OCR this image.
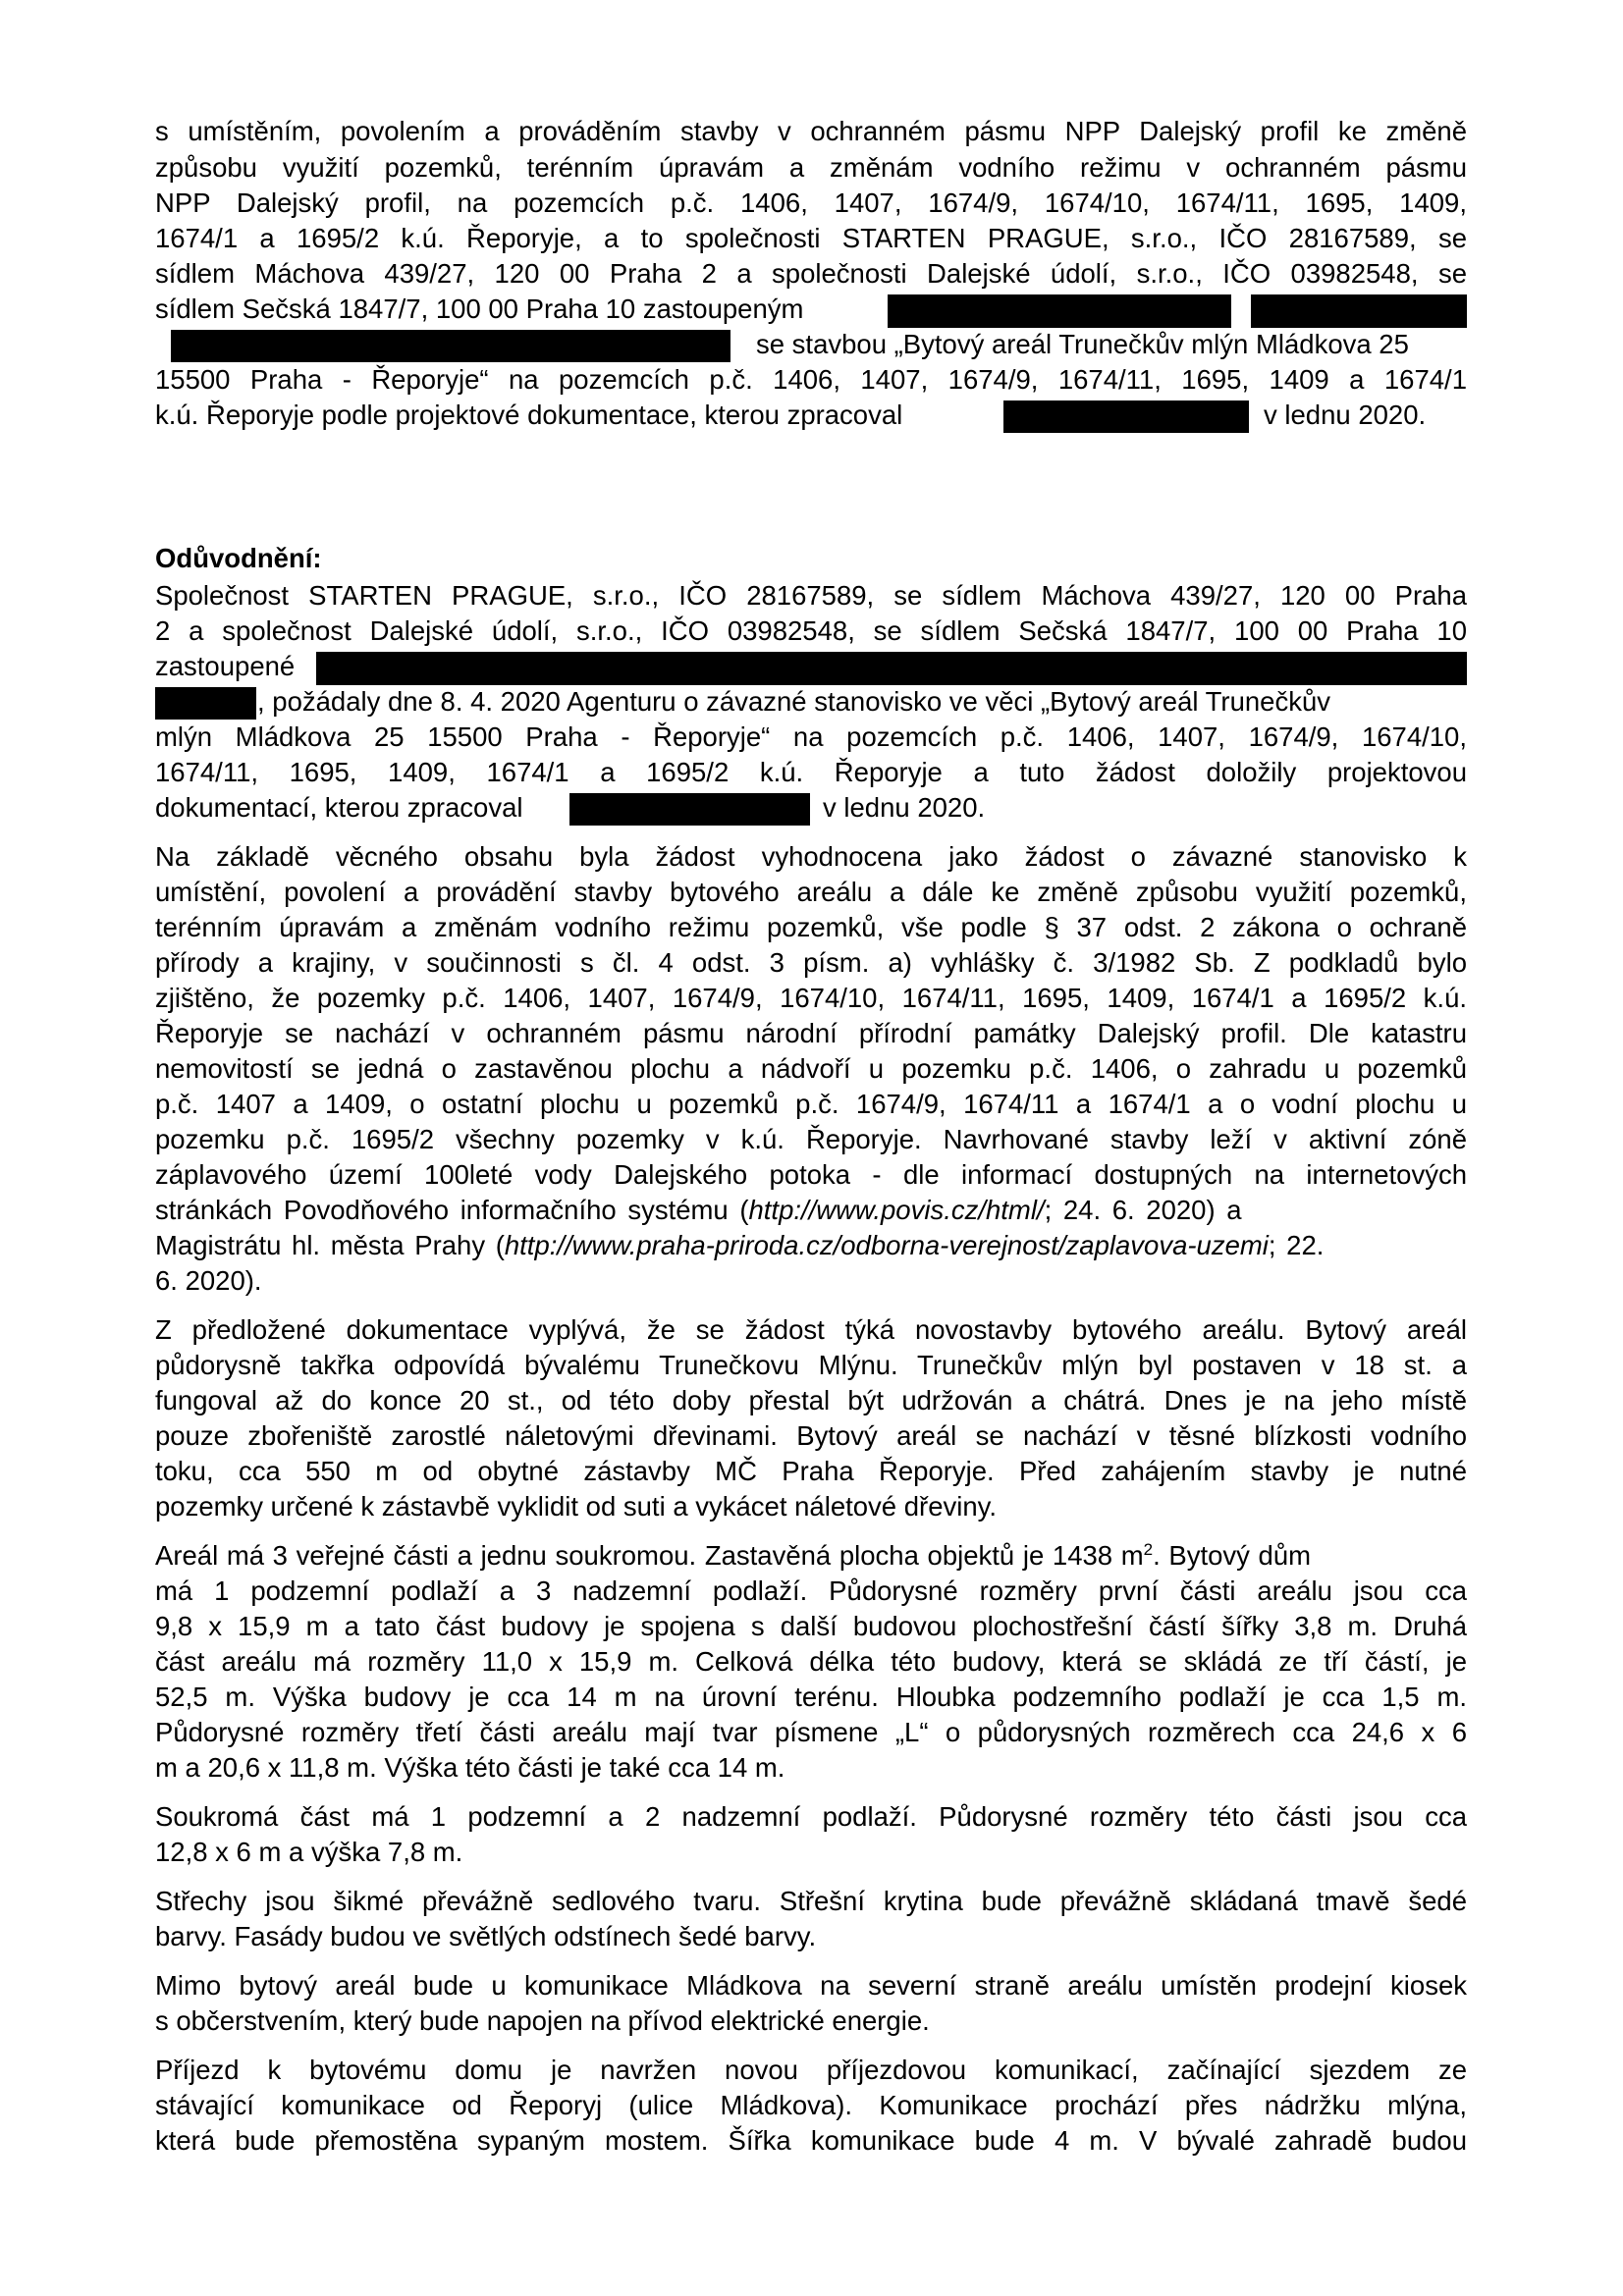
s umístěním, povolením a prováděním stavby v ochranném pásmu NPP Dalejský profil ke změně
způsobu využití pozemků, terénním úpravám a změnám vodního režimu v ochranném pásmu
NPP Dalejský profil, na pozemcích p.č. 1406, 1407, 1674/9, 1674/10, 1674/11, 1695, 1409,
1674/1 a 1695/2 k.ú. Řeporyje, a to společnosti STARTEN PRAGUE, s.r.o., IČO 28167589, se
sídlem Máchova 439/27, 120 00 Praha 2 a společnosti Dalejské údolí, s.r.o., IČO 03982548, se
sídlem Sečská 1847/7, 100 00 Praha 10 zastoupeným
se stavbou „Bytový areál Trunečkův mlýn Mládkova 25
15500 Praha - Řeporyje“ na pozemcích p.č. 1406, 1407, 1674/9, 1674/11, 1695, 1409 a 1674/1
k.ú. Řeporyje podle projektové dokumentace, kterou zpracoval	v lednu 2020.
Odůvodnění:
Společnost STARTEN PRAGUE, s.r.o., IČO 28167589, se sídlem Máchova 439/27, 120 00 Praha
2 a společnost Dalejské údolí, s.r.o., IČO 03982548, se sídlem Sečská 1847/7, 100 00 Praha 10
zastoupené
, požádaly dne 8. 4. 2020 Agenturu o závazné stanovisko ve věci „Bytový areál Trunečkův
mlýn Mládkova 25 15500 Praha - Řeporyje“ na pozemcích p.č. 1406, 1407, 1674/9, 1674/10,
1674/11, 1695, 1409, 1674/1 a 1695/2 k.ú. Řeporyje a tuto žádost doložily projektovou
dokumentací, kterou zpracoval	v lednu 2020.
Na základě věcného obsahu byla žádost vyhodnocena jako žádost o závazné stanovisko k
umístění, povolení a provádění stavby bytového areálu a dále ke změně způsobu využití pozemků,
terénním úpravám a změnám vodního režimu pozemků, vše podle § 37 odst. 2 zákona o ochraně
přírody a krajiny, v součinnosti s čl. 4 odst. 3 písm. a) vyhlášky č. 3/1982 Sb. Z podkladů bylo
zjištěno, že pozemky p.č. 1406, 1407, 1674/9, 1674/10, 1674/11, 1695, 1409, 1674/1 a 1695/2 k.ú.
Řeporyje se nachází v ochranném pásmu národní přírodní památky Dalejský profil. Dle katastru
nemovitostí se jedná o zastavěnou plochu a nádvoří u pozemku p.č. 1406, o zahradu u pozemků
p.č. 1407 a 1409, o ostatní plochu u pozemků p.č. 1674/9, 1674/11 a 1674/1 a o vodní plochu u
pozemku p.č. 1695/2 všechny pozemky v k.ú. Řeporyje. Navrhované stavby leží v aktivní zóně
záplavového území 100leté vody Dalejského potoka - dle informací dostupných na internetových
stránkách Povodňového informačního systému (http://www.povis.cz/html/; 24. 6. 2020) a
Magistrátu hl. města Prahy (http://www.praha-priroda.cz/odborna-verejnost/zaplavova-uzemi; 22.
6. 2020).
Z předložené dokumentace vyplývá, že se žádost týká novostavby bytového areálu. Bytový areál
půdorysně takřka odpovídá bývalému Trunečkovu Mlýnu. Trunečkův mlýn byl postaven v 18 st. a
fungoval až do konce 20 st., od této doby přestal být udržován a chátrá. Dnes je na jeho místě
pouze zbořeniště zarostlé náletovými dřevinami. Bytový areál se nachází v těsné blízkosti vodního
toku, cca 550 m od obytné zástavby MČ Praha Řeporyje. Před zahájením stavby je nutné
pozemky určené k zástavbě vyklidit od suti a vykácet náletové dřeviny.
Areál má 3 veřejné části a jednu soukromou. Zastavěná plocha objektů je 1438 $m^2$. Bytový dům
má 1 podzemní podlaží a 3 nadzemní podlaží. Půdorysné rozměry první části areálu jsou cca
9,8 x 15,9 m a tato část budovy je spojena s další budovou plochostřešní částí šířky 3,8 m. Druhá
část areálu má rozměry 11,0 x 15,9 m. Celková délka této budovy, která se skládá ze tří částí, je
52,5 m. Výška budovy je cca 14 m na úrovní terénu. Hloubka podzemního podlaží je cca 1,5 m.
Půdorysné rozměry třetí části areálu mají tvar písmene „L“ o půdorysných rozměrech cca 24,6 x 6
m a 20,6 x 11,8 m. Výška této části je také cca 14 m.
Soukromá část má 1 podzemní a 2 nadzemní podlaží. Půdorysné rozměry této části jsou cca
12,8 x 6 m a výška 7,8 m.
Střechy jsou šikmé převážně sedlového tvaru. Střešní krytina bude převážně skládaná tmavě šedé
barvy. Fasády budou ve světlých odstínech šedé barvy.
Mimo bytový areál bude u komunikace Mládkova na severní straně areálu umístěn prodejní kiosek
s občerstvením, který bude napojen na přívod elektrické energie.
Příjezd k bytovému domu je navržen novou příjezdovou komunikací, začínající sjezdem ze
stávající komunikace od Řeporyj (ulice Mládkova). Komunikace prochází přes nádržku mlýna,
která bude přemostěna sypaným mostem. Šířka komunikace bude 4 m. V bývalé zahradě budou
